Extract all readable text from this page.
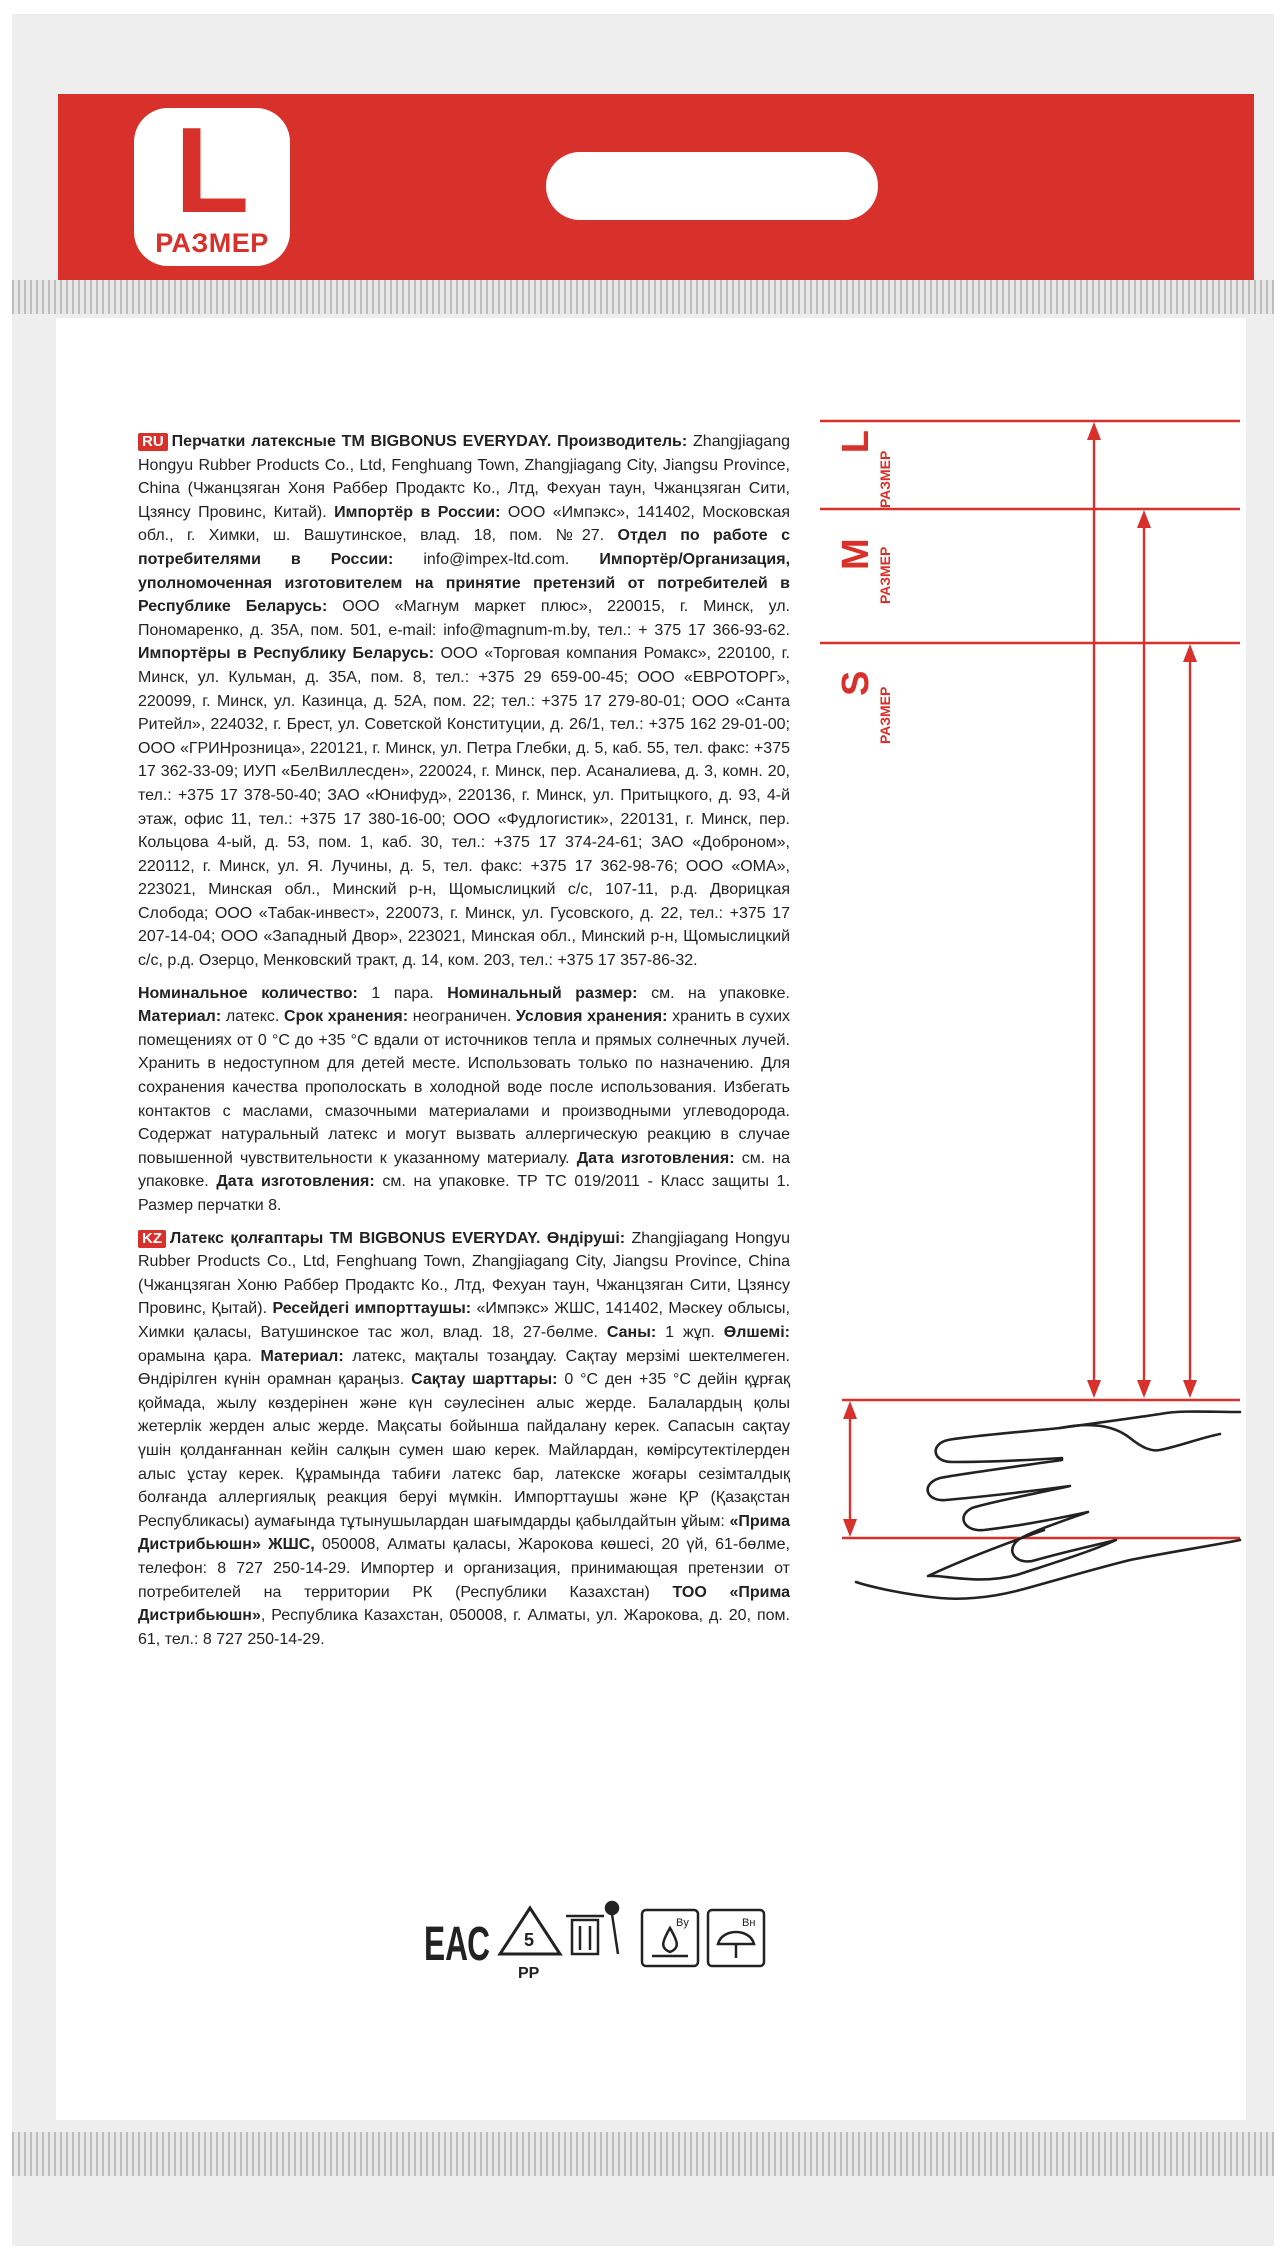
L
РАЗМЕР

RU Перчатки латексные ТМ BIGBONUS EVERYDAY. Производитель: Zhangjiagang Hongyu Rubber Products Co., Ltd, Fenghuang Town, Zhangjiagang City, Jiangsu Province, China (Чжанцзяган Хоня Раббер Продактс Ко., Лтд, Фехуан таун, Чжанцзяган Сити, Цзянсу Провинс, Китай). Импортёр в России: ООО «Импэкс», 141402, Московская обл., г. Химки, ш. Вашутинское, влад. 18, пом. №27. Отдел по работе с потребителями в России: info@impex-ltd.com. Импортёр/Организация, уполномоченная изготовителем на принятие претензий от потребителей в Республике Беларусь: ООО «Магнум маркет плюс», 220015, г. Минск, ул. Пономаренко, д. 35А, пом. 501, e-mail: info@magnum-m.by, тел.: + 375 17 366-93-62. Импортёры в Республику Беларусь: ООО «Торговая компания Ромакс», 220100, г. Минск, ул. Кульман, д. 35А, пом. 8, тел.: +375 29 659-00-45; ООО «ЕВРОТОРГ», 220099, г. Минск, ул. Казинца, д. 52А, пом. 22; тел.: +375 17 279-80-01; ООО «Санта Ритейл», 224032, г. Брест, ул. Советской Конституции, д. 26/1, тел.: +375 162 29-01-00; ООО «ГРИНрозница», 220121, г. Минск, ул. Петра Глебки, д. 5, каб. 55, тел. факс: +375 17 362-33-09; ИУП «БелВиллесден», 220024, г. Минск, пер. Асаналиева, д. 3, комн. 20, тел.: +375 17 378-50-40; ЗАО «Юнифуд», 220136, г. Минск, ул. Притыцкого, д. 93, 4-й этаж, офис 11, тел.: +375 17 380-16-00; ООО «Фудлогистик», 220131, г. Минск, пер. Кольцова 4-ый, д. 53, пом. 1, каб. 30, тел.: +375 17 374-24-61; ЗАО «Доброном», 220112, г. Минск, ул. Я. Лучины, д. 5, тел. факс: +375 17 362-98-76; ООО «ОМА», 223021, Минская обл., Минский р-н, Щомыслицкий с/с, 107-11, р.д. Дворицкая Слобода; ООО «Табак-инвест», 220073, г. Минск, ул. Гусовского, д. 22, тел.: +375 17 207-14-04; ООО «Западный Двор», 223021, Минская обл., Минский р-н, Щомыслицкий с/с, р.д. Озерцо, Менковский тракт, д. 14, ком. 203, тел.: +375 17 357-86-32.

Номинальное количество: 1 пара. Номинальный размер: см. на упаковке. Материал: латекс. Срок хранения: неограничен. Условия хранения: хранить в сухих помещениях от 0 °С до +35 °С вдали от источников тепла и прямых солнечных лучей. Хранить в недоступном для детей месте. Использовать только по назначению. Для сохранения качества прополоскать в холодной воде после использования. Избегать контактов с маслами, смазочными материалами и производными углеводорода. Содержат натуральный латекс и могут вызвать аллергическую реакцию в случае повышенной чувствительности к указанному материалу. Дата изготовления: см. на упаковке. Дата изготовления: см. на упаковке. ТР ТС 019/2011 - Класс защиты 1. Размер перчатки 8.

KZ Латекс қолғаптары ТМ BIGBONUS EVERYDAY. Өндіруші: Zhangjiagang Hongyu Rubber Products Co., Ltd, Fenghuang Town, Zhangjiagang City, Jiangsu Province, China (Чжанцзяган Хоню Раббер Продактс Ко., Лтд, Фехуан таун, Чжанцзяган Сити, Цзянсу Провинс, Қытай). Ресейдегі импорттаушы: «Импэкс» ЖШС, 141402, Мәскеу облысы, Химки қаласы, Ватушинское тас жол, влад. 18, 27-бөлме. Саны: 1 жұп. Өлшемі: орамына қара. Материал: латекс, мақталы тозаңдау. Сақтау мерзімі шектелмеген. Өндірілген күнін орамнан қараңыз. Сақтау шарттары: 0 °С ден +35 °С дейін құрғақ қоймада, жылу көздерінен және күн сәулесінен алыс жерде. Балалардың қолы жетерлік жерден алыс жерде. Мақсаты бойынша пайдалану керек. Сапасын сақтау үшін қолданғаннан кейін салқын сумен шаю керек. Майлардан, көмірсутектілерден алыс ұстау керек. Құрамында табиғи латекс бар, латекске жоғары сезімталдық болғанда аллергиялық реакция беруі мүмкін. Импорттаушы және ҚР (Қазақстан Республикасы) аумағында тұтынушылардан шағымдарды қабылдайтын ұйым: «Прима Дистрибьюшн» ЖШС, 050008, Алматы қаласы, Жарокова көшесі, 20 үй, 61-бөлме, телефон: 8 727 250-14-29. Импортер и организация, принимающая претензии от потребителей на территории РК (Республики Казахстан) ТОО «Прима Дистрибьюшн», Республика Казахстан, 050008, г. Алматы, ул. Жарокова, д. 20, пом. 61, тел.: 8 727 250-14-29.

L
РАЗМЕР
M РАЗМЕР
S
РАЗМЕР
ЕАС 5
PP
Bу	Bн
